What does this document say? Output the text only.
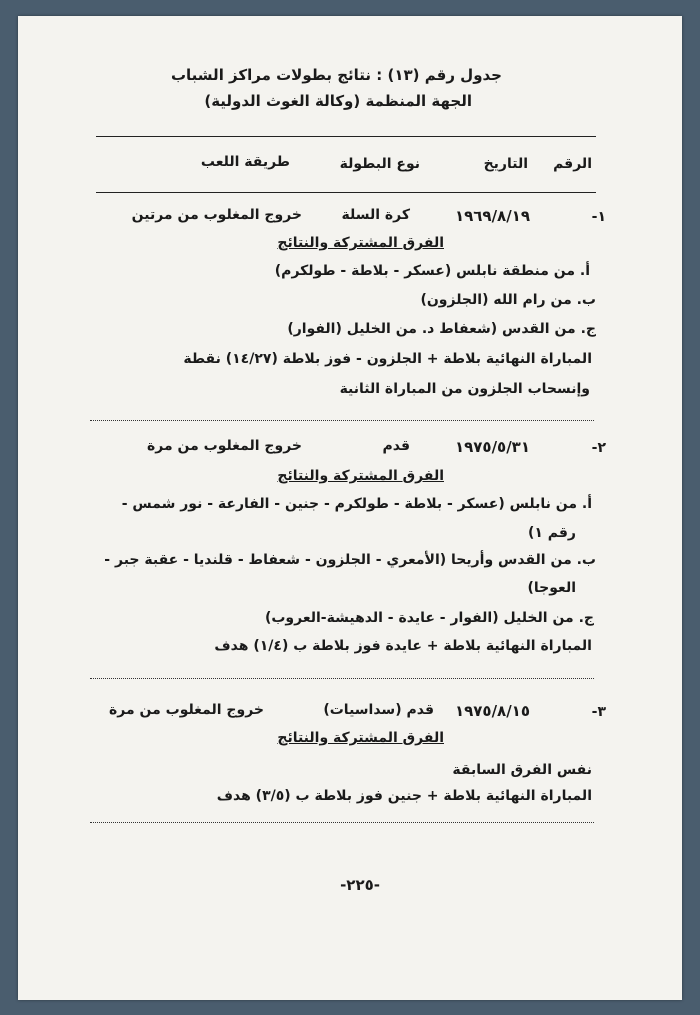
جدول رقم (١٣) : نتائج بطولات مراكز الشباب
الجهة المنظمة (وكالة الغوث الدولية)
الرقم
التاريخ
نوع البطولة
طريقة اللعب
١-
١٩٦٩/٨/١٩
كرة السلة
خروج المغلوب من مرتين
الفرق المشتركة والنتائج
أ. من منطقة نابلس (عسكر - بلاطة - طولكرم)
ب. من رام الله (الجلزون)
ج. من القدس (شعفاط د. من الخليل (الفوار)
المباراة النهائية بلاطة + الجلزون - فوز بلاطة (١٤/٢٧) نقطة
وإنسحاب الجلزون من المباراة الثانية
٢-
١٩٧٥/٥/٣١
قدم
خروج المغلوب من مرة
الفرق المشتركة والنتائج
أ. من نابلس (عسكر - بلاطة - طولكرم - جنين - الفارعة - نور شمس -
رقم ١)
ب. من القدس وأريحا (الأمعري - الجلزون - شعفاط - قلنديا - عقبة جبر -
العوجا)
ج. من الخليل (الفوار - عايدة - الدهيشة-العروب)
المباراة النهائية بلاطة + عايدة فوز بلاطة ب (١/٤) هدف
٣-
١٩٧٥/٨/١٥
قدم (سداسيات)
خروج المغلوب من مرة
الفرق المشتركة والنتائج
نفس الفرق السابقة
المباراة النهائية بلاطة + جنين فوز بلاطة ب (٣/٥) هدف
-٢٢٥-
